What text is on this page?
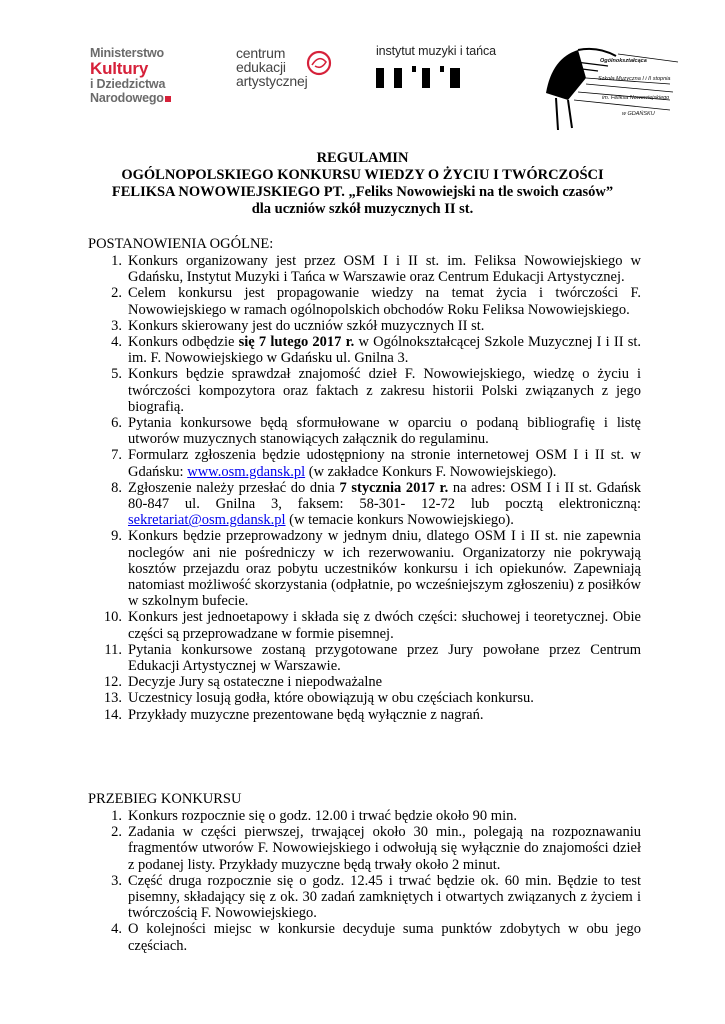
Ministerstwo
Kultury
i Dziedzictwa
Narodowego
centrum
edukacji
artystycznej
instytut muzyki i tańca
Ogólnokształcąca
Szkoła Muzyczna I i II stopnia
im. Feliksa Nowowiejskiego
w GDAŃSKU
REGULAMIN
OGÓLNOPOLSKIEGO KONKURSU WIEDZY O ŻYCIU I TWÓRCZOŚCI
FELIKSA NOWOWIEJSKIEGO PT. „Feliks Nowowiejski na tle swoich czasów”
dla uczniów szkół muzycznych II st.
POSTANOWIENIA OGÓLNE:
1. Konkurs organizowany jest przez OSM I i II st. im. Feliksa Nowowiejskiego w Gdańsku, Instytut Muzyki i Tańca w Warszawie oraz Centrum Edukacji Artystycznej.
2. Celem konkursu jest propagowanie wiedzy na temat życia i twórczości F. Nowowiejskiego w ramach ogólnopolskich obchodów Roku Feliksa Nowowiejskiego.
3. Konkurs skierowany jest do uczniów szkół muzycznych II st.
4. Konkurs odbędzie się 7 lutego 2017 r. w Ogólnokształcącej Szkole Muzycznej I i II st. im. F. Nowowiejskiego w Gdańsku ul. Gnilna 3.
5. Konkurs będzie sprawdzał znajomość dzieł F. Nowowiejskiego, wiedzę o życiu i twórczości kompozytora oraz faktach z zakresu historii Polski związanych z jego biografią.
6. Pytania konkursowe będą sformułowane w oparciu o podaną bibliografię i listę utworów muzycznych stanowiących załącznik do regulaminu.
7. Formularz zgłoszenia będzie udostępniony na stronie internetowej OSM I i II st. w Gdańsku: www.osm.gdansk.pl (w zakładce Konkurs F. Nowowiejskiego).
8. Zgłoszenie należy przesłać do dnia 7 stycznia 2017 r. na adres: OSM I i II st. Gdańsk 80-847 ul. Gnilna 3, faksem: 58-301- 12-72 lub pocztą elektroniczną: sekretariat@osm.gdansk.pl (w temacie konkurs Nowowiejskiego).
9. Konkurs będzie przeprowadzony w jednym dniu, dlatego OSM I i II st. nie zapewnia noclegów ani nie pośredniczy w ich rezerwowaniu. Organizatorzy nie pokrywają kosztów przejazdu oraz pobytu uczestników konkursu i ich opiekunów. Zapewniają natomiast możliwość skorzystania (odpłatnie, po wcześniejszym zgłoszeniu) z posiłków w szkolnym bufecie.
10. Konkurs jest jednoetapowy i składa się z dwóch części: słuchowej i teoretycznej. Obie części są przeprowadzane w formie pisemnej.
11. Pytania konkursowe zostaną przygotowane przez Jury powołane przez Centrum Edukacji Artystycznej w Warszawie.
12. Decyzje Jury są ostateczne i niepodważalne
13. Uczestnicy losują godła, które obowiązują w obu częściach konkursu.
14. Przykłady muzyczne prezentowane będą wyłącznie z nagrań.
PRZEBIEG KONKURSU
1. Konkurs rozpocznie się o godz. 12.00 i trwać będzie około 90 min.
2. Zadania w części pierwszej, trwającej około 30 min., polegają na rozpoznawaniu fragmentów utworów F. Nowowiejskiego i odwołują się wyłącznie do znajomości dzieł z podanej listy. Przykłady muzyczne będą trwały około 2 minut.
3. Część druga rozpocznie się o godz. 12.45 i trwać będzie ok. 60 min. Będzie to test pisemny, składający się z ok. 30 zadań zamkniętych i otwartych związanych z życiem i twórczością F. Nowowiejskiego.
4. O kolejności miejsc w konkursie decyduje suma punktów zdobytych w obu jego częściach.
